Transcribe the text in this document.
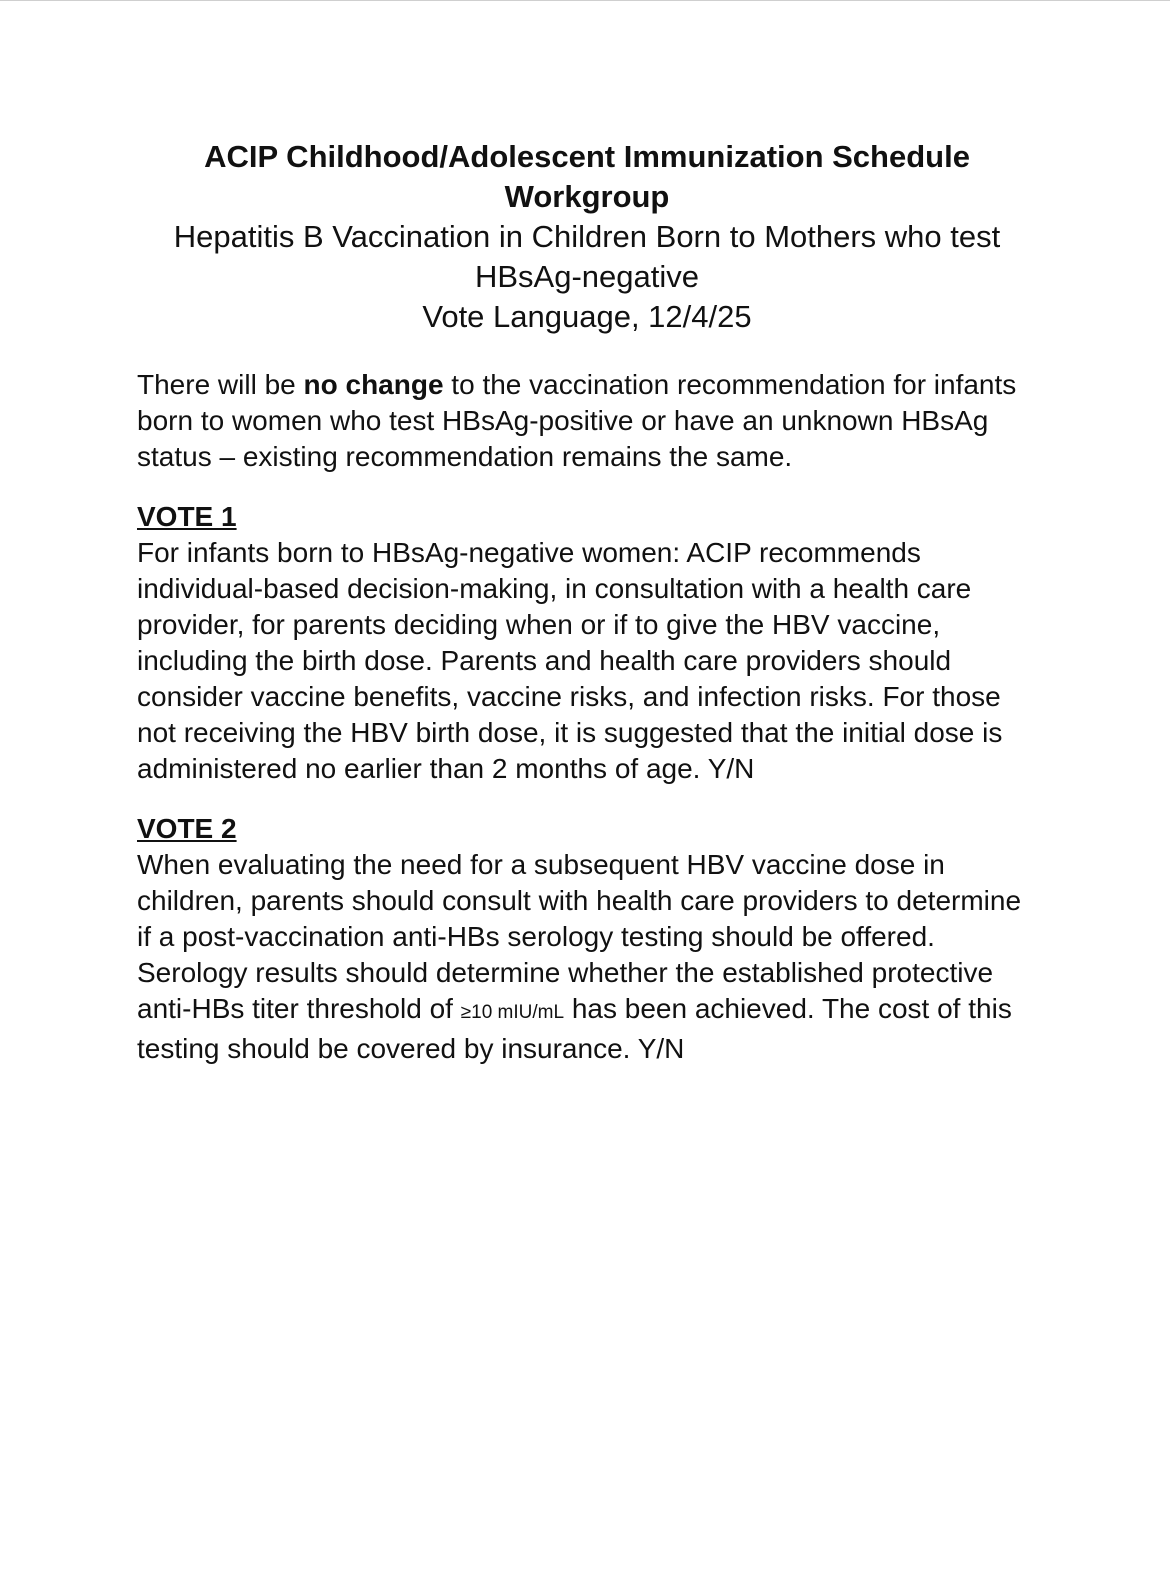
ACIP Childhood/Adolescent Immunization Schedule Workgroup

Hepatitis B Vaccination in Children Born to Mothers who test HBsAg-negative

Vote Language, 12/4/25

There will be no change to the vaccination recommendation for infants born to women who test HBsAg-positive or have an unknown HBsAg status – existing recommendation remains the same.

VOTE 1

For infants born to HBsAg-negative women: ACIP recommends individual-based decision-making, in consultation with a health care provider, for parents deciding when or if to give the HBV vaccine, including the birth dose. Parents and health care providers should consider vaccine benefits, vaccine risks, and infection risks. For those not receiving the HBV birth dose, it is suggested that the initial dose is administered no earlier than 2 months of age. Y/N

VOTE 2

When evaluating the need for a subsequent HBV vaccine dose in children, parents should consult with health care providers to determine if a post-vaccination anti-HBs serology testing should be offered. Serology results should determine whether the established protective anti-HBs titer threshold of ≥10 mIU/mL has been achieved. The cost of this testing should be covered by insurance. Y/N
